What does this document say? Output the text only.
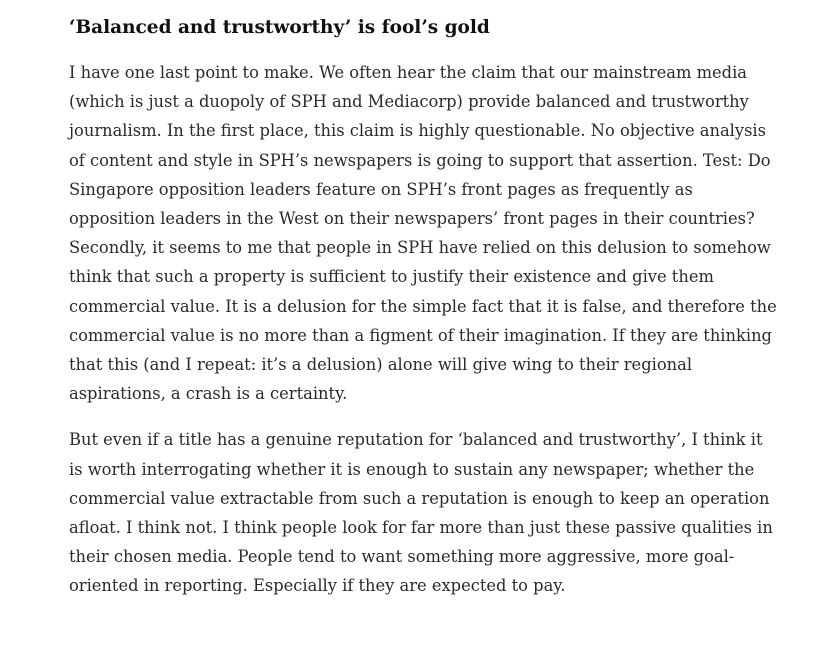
‘Balanced and trustworthy’ is fool’s gold

I have one last point to make. We often hear the claim that our mainstream media
(which is just a duopoly of SPH and Mediacorp) provide balanced and trustworthy
journalism. In the first place, this claim is highly questionable. No objective analysis
of content and style in SPH’s newspapers is going to support that assertion. Test: Do
Singapore opposition leaders feature on SPH’s front pages as frequently as
opposition leaders in the West on their newspapers’ front pages in their countries?
Secondly, it seems to me that people in SPH have relied on this delusion to somehow
think that such a property is sufficient to justify their existence and give them
commercial value. It is a delusion for the simple fact that it is false, and therefore the
commercial value is no more than a figment of their imagination. If they are thinking
that this (and I repeat: it’s a delusion) alone will give wing to their regional
aspirations, a crash is a certainty.

But even if a title has a genuine reputation for ‘balanced and trustworthy’, I think it
is worth interrogating whether it is enough to sustain any newspaper; whether the
commercial value extractable from such a reputation is enough to keep an operation
afloat. I think not. I think people look for far more than just these passive qualities in
their chosen media. People tend to want something more aggressive, more goal-
oriented in reporting. Especially if they are expected to pay.
